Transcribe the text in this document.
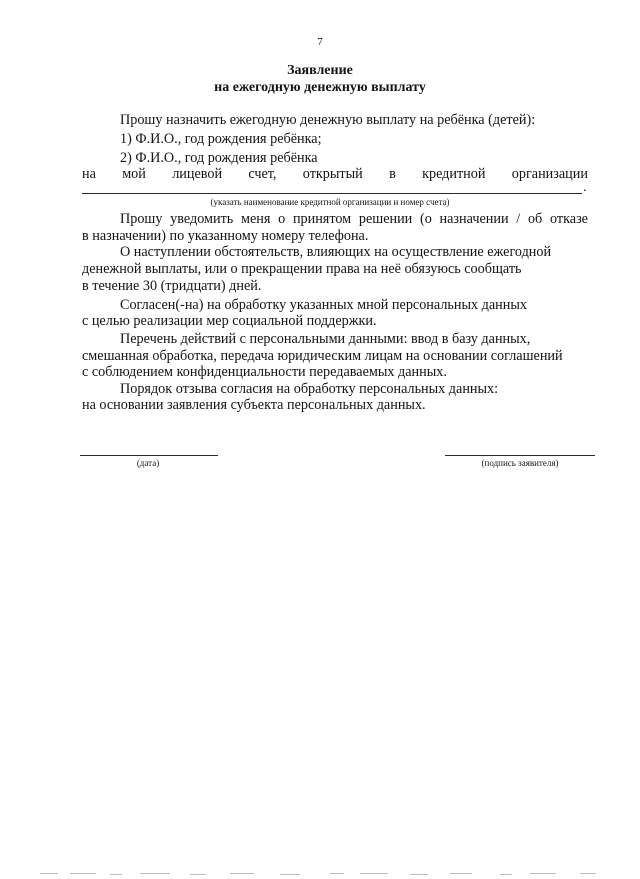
7
Заявление
на ежегодную денежную выплату
Прошу назначить ежегодную денежную выплату на ребёнка (детей):
1) Ф.И.О., год рождения ребёнка;
2) Ф.И.О., год рождения ребёнка
на мой лицевой счет, открытый в кредитной организации
.
(указать наименование кредитной организации и номер счета)
Прошу уведомить меня о принятом решении (о назначении / об отказе
в назначении) по указанному номеру телефона.
О наступлении обстоятельств, влияющих на осуществление ежегодной
денежной выплаты, или о прекращении права на неё обязуюсь сообщать
в течение 30 (тридцати) дней.
Согласен(-на) на обработку указанных мной персональных данных
с целью реализации мер социальной поддержки.
Перечень действий с персональными данными: ввод в базу данных,
смешанная обработка, передача юридическим лицам на основании соглашений
с соблюдением конфиденциальности передаваемых данных.
Порядок отзыва согласия на обработку персональных данных:
на основании заявления субъекта персональных данных.
(дата)	(подпись заявителя)
